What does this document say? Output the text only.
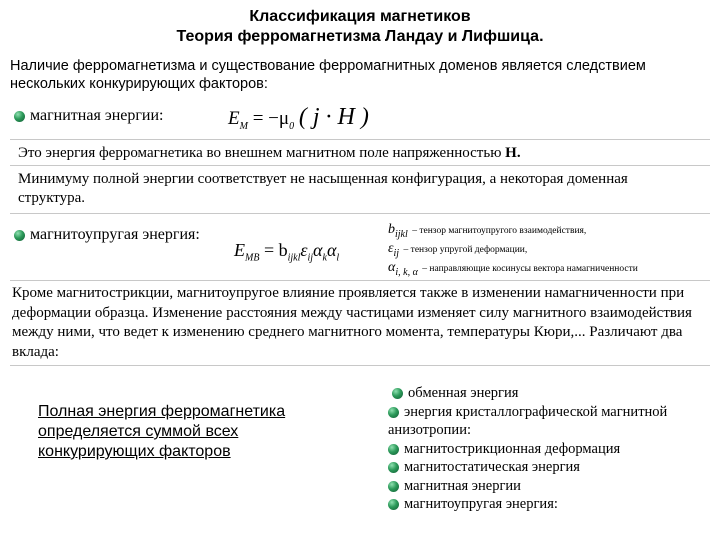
Классификация магнетиков
Теория ферромагнетизма Ландау и Лифшица.
Наличие ферромагнетизма и существование ферромагнитных доменов является следствием нескольких конкурирующих факторов:
магнитная энергии:	$E_M = -\mu_0$ ( j · H )
Это энергия ферромагнетика во внешнем магнитном поле напряженностью H.
Минимуму полной энергии соответствует не насыщенная конфигурация, а некоторая доменная структура.
магнитоупругая энергия:
$E_{MB} = b_{ijkl}\varepsilon_{ij}\alpha_k\alpha_l$
$b_{ijkl}$ – тензор магнитоупругого взаимодействия,
$\varepsilon_{ij}$ – тензор упругой деформации,
$\alpha_{i, k, \alpha}$ – направляющие косинусы вектора намагниченности
Кроме магнитострикции, магнитоупругое влияние проявляется также в изменении намагниченности при деформации образца. Изменение расстояния между частицами изменяет силу магнитного взаимодействия между ними, что ведет к изменению среднего магнитного момента, температуры Кюри,... Различают два вклада:
Полная энергия ферромагнетика определяется суммой всех конкурирующих факторов
обменная энергия
энергия кристаллографической магнитной анизотропии:
магнитострикционная деформация
магнитостатическая энергия
магнитная энергии
магнитоупругая энергия:
